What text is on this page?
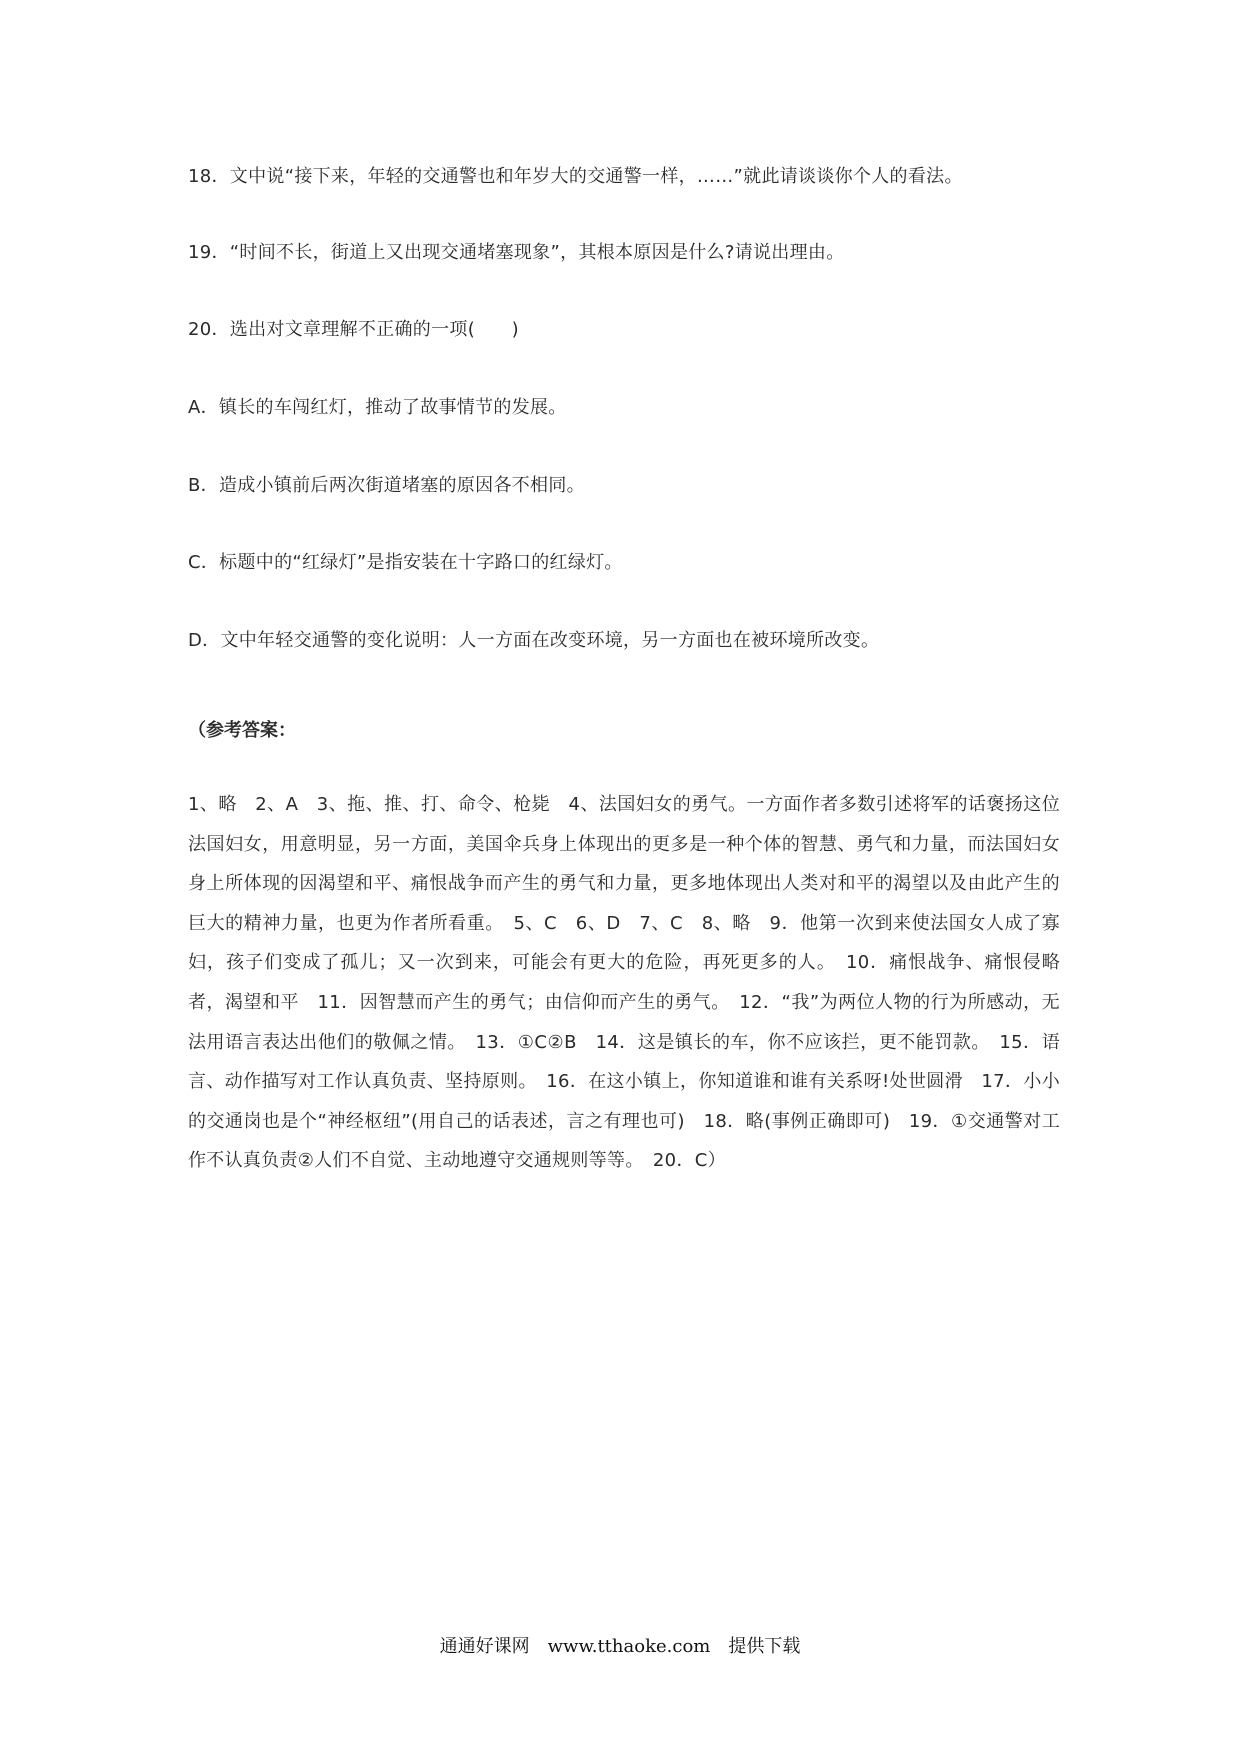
18．文中说“接下来，年轻的交通警也和年岁大的交通警一样，……”就此请谈谈你个人的看法。
19．“时间不长，街道上又出现交通堵塞现象”，其根本原因是什么?请说出理由。
20．选出对文章理解不正确的一项(　　)
A．镇长的车闯红灯，推动了故事情节的发展。
B．造成小镇前后两次街道堵塞的原因各不相同。
C．标题中的“红绿灯”是指安装在十字路口的红绿灯。
D．文中年轻交通警的变化说明：人一方面在改变环境，另一方面也在被环境所改变。
（参考答案：
1、略　2、A　3、拖、推、打、命令、枪毙　4、法国妇女的勇气。一方面作者多数引述将军的话褒扬这位法国妇女，用意明显，另一方面，美国伞兵身上体现出的更多是一种个体的智慧、勇气和力量，而法国妇女身上所体现的因渴望和平、痛恨战争而产生的勇气和力量，更多地体现出人类对和平的渴望以及由此产生的巨大的精神力量，也更为作者所看重。　5、C　6、D　7、C　8、略　9．他第一次到来使法国女人成了寡妇，孩子们变成了孤儿；又一次到来，可能会有更大的危险，再死更多的人。　10．痛恨战争、痛恨侵略者，渴望和平　11．因智慧而产生的勇气；由信仰而产生的勇气。　12．“我”为两位人物的行为所感动，无法用语言表达出他们的敬佩之情。　13．①C②B　14．这是镇长的车，你不应该拦，更不能罚款。　15．语言、动作描写对工作认真负责、坚持原则。　16．在这小镇上，你知道谁和谁有关系呀!处世圆滑　17．小小的交通岗也是个“神经枢纽”(用自己的话表述，言之有理也可)　18．略(事例正确即可)　19．①交通警对工作不认真负责②人们不自觉、主动地遵守交通规则等等。　20．C）
通通好课网　www.tthaoke.com　提供下载
